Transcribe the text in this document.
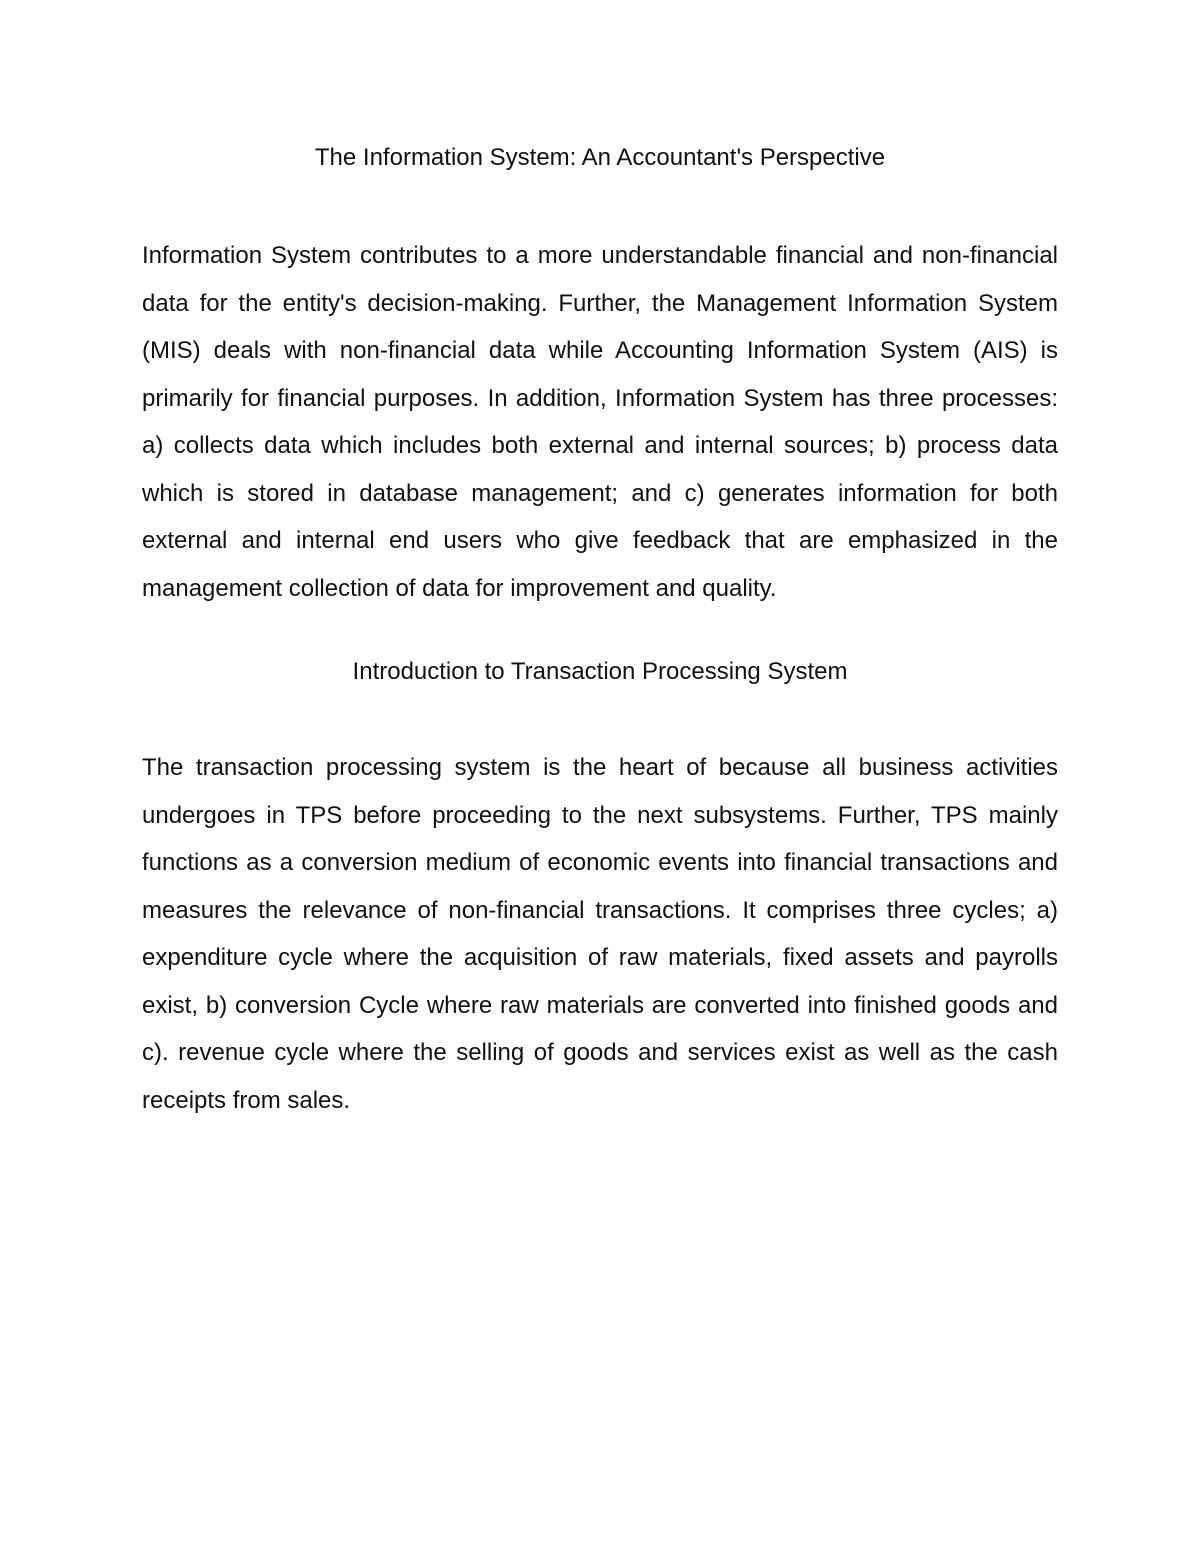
The Information System: An Accountant's Perspective

Information System contributes to a more understandable financial and non-financial data for the entity's decision-making. Further, the Management Information System (MIS) deals with non-financial data while Accounting Information System (AIS) is primarily for financial purposes. In addition, Information System has three processes: a) collects data which includes both external and internal sources; b) process data which is stored in database management; and c) generates information for both external and internal end users who give feedback that are emphasized in the management collection of data for improvement and quality.

Introduction to Transaction Processing System

The transaction processing system is the heart of because all business activities undergoes in TPS before proceeding to the next subsystems. Further, TPS mainly functions as a conversion medium of economic events into financial transactions and measures the relevance of non-financial transactions. It comprises three cycles; a) expenditure cycle where the acquisition of raw materials, fixed assets and payrolls exist, b) conversion Cycle where raw materials are converted into finished goods and c). revenue cycle where the selling of goods and services exist as well as the cash receipts from sales.
